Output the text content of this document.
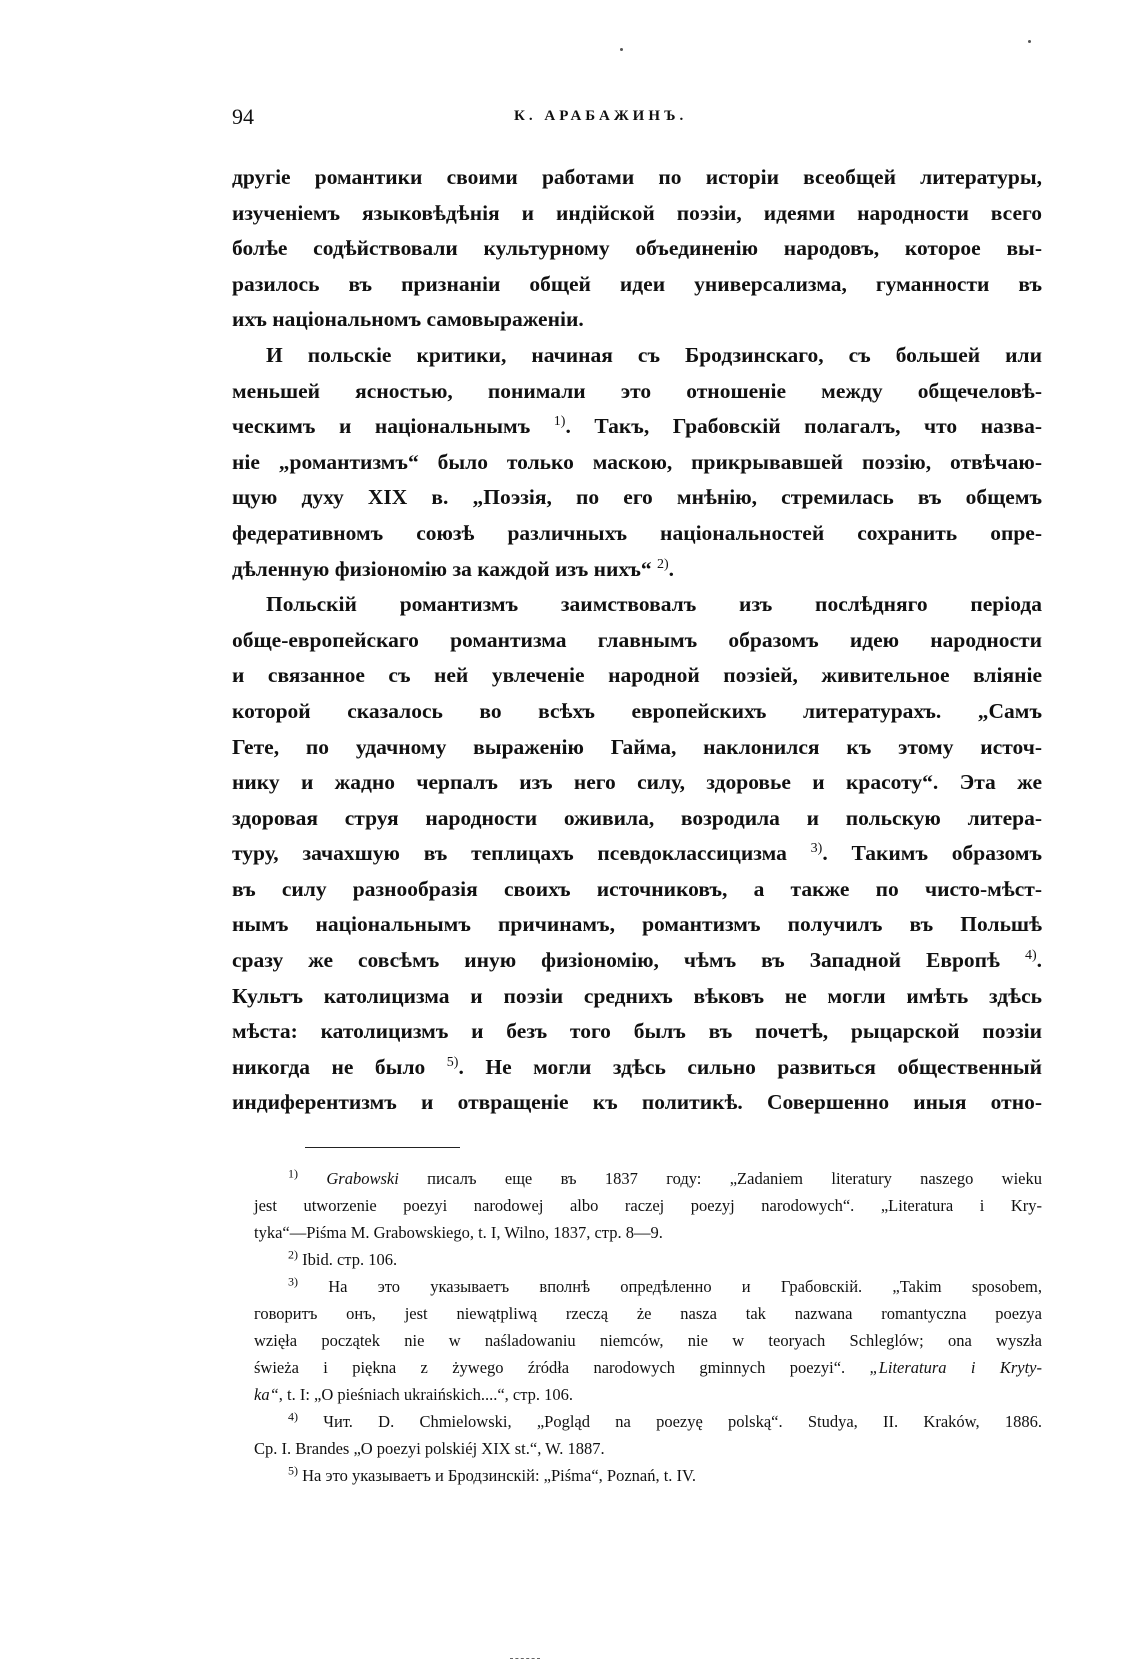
94	К. АРАБАЖИНЪ.

другіе романтики своими работами по исторіи всеобщей литературы,
изученіемъ языковѣдѣнія и индійской поэзіи, идеями народности всего
болѣе содѣйствовали культурному объединенію народовъ, которое вы-
разилось въ признаніи общей идеи универсализма, гуманности въ
ихъ національномъ самовыраженіи.

И польскіе критики, начиная съ Бродзинскаго, съ большей или
меньшей ясностью, понимали это отношеніе между общечеловѣ-
ческимъ и національнымъ $^{1)}$. Такъ, Грабовскій полагалъ, что назва-
ніе „романтизмъ“ было только маскою, прикрывавшей поэзію, отвѣчаю-
щую духу XIX в. „Поэзія, по его мнѣнію, стремилась въ общемъ
федеративномъ союзѣ различныхъ національностей сохранить опре-
дѣленную физіономію за каждой изъ нихъ“ $^{2)}$.

Польскій романтизмъ заимствовалъ изъ послѣдняго періода
обще-европейскаго романтизма главнымъ образомъ идею народности
и связанное съ ней увлеченіе народной поэзіей, живительное вліяніе
которой сказалось во всѣхъ европейскихъ литературахъ. „Самъ
Гете, по удачному выраженію Гайма, наклонился къ этому источ-
нику и жадно черпалъ изъ него силу, здоровье и красоту“. Эта же
здоровая струя народности оживила, возродила и польскую литера-
туру, зачахшую въ теплицахъ псевдоклассицизма $^{3)}$. Такимъ образомъ
въ силу разнообразія своихъ источниковъ, а также по чисто-мѣст-
нымъ національнымъ причинамъ, романтизмъ получилъ въ Польшѣ
сразу же совсѣмъ иную физіономію, чѣмъ въ Западной Европѣ $^{4)}$.
Культъ католицизма и поэзіи среднихъ вѣковъ не могли имѣть здѣсь
мѣста: католицизмъ и безъ того былъ въ почетѣ, рыцарской поэзіи
никогда не было $^{5)}$. Не могли здѣсь сильно развиться общественный
индиферентизмъ и отвращеніе къ политикѣ. Совершенно иныя отно-

$^{1)}$ Grabowski писалъ еще въ 1837 году: „Zadaniem literatury naszego wieku
jest utworzenie poezyi narodowej albo raczej poezyj narodowych“. „Literatura i Kry-
tyka“—Piśma M. Grabowskiego, t. I, Wilno, 1837, стр. 8—9.
$^{2)}$ Ibid. стр. 106.
$^{3)}$ На это указываетъ вполнѣ опредѣленно и Грабовскій. „Takim sposobem,
говоритъ онъ, jest niewątpliwą rzeczą że nasza tak nazwana romantyczna poezya
wzięła początek nie w naśladowaniu niemców, nie w teoryach Schleglów; ona wyszła
świeża i piękna z żywego źródła narodowych gminnych poezyi“. „Literatura i Kryty-
ka“, t. I: „O pieśniach ukraińskich....“, стр. 106.
$^{4)}$ Чит. D. Chmielowski, „Pogląd na poezyę polską“. Studya, II. Kraków, 1886.
Ср. I. Brandes „O poezyi polskiéj XIX st.“, W. 1887.
$^{5)}$ На это указываетъ и Бродзинскій: „Piśma“, Poznań, t. IV.
